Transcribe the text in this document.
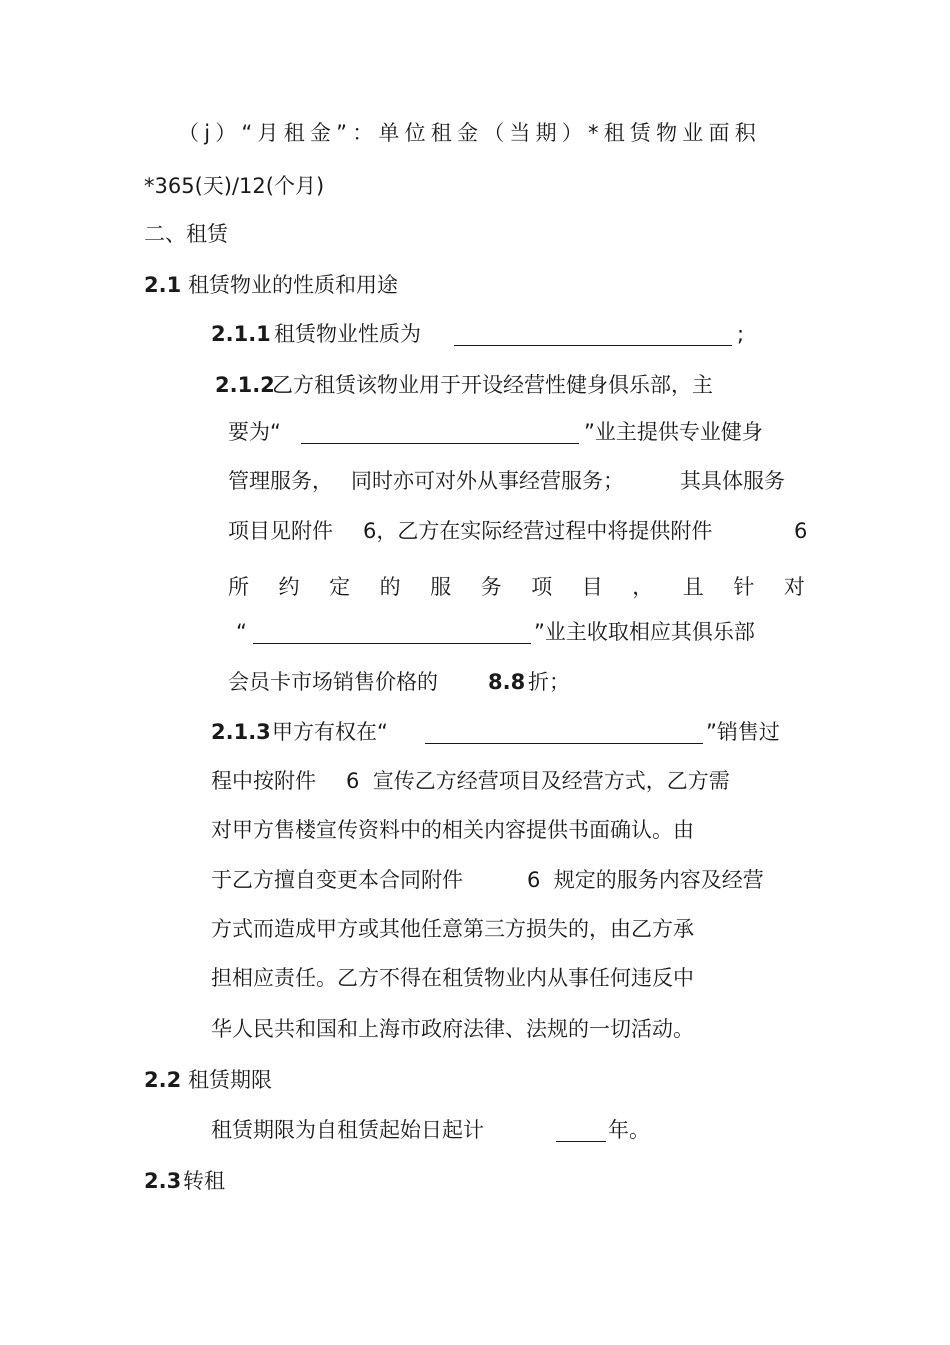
（j）“月租金”：单位租金（当期）*租赁物业面积
*365(天)/12(个月)
二、租赁
2.1 租赁物业的性质和用途
2.1.1 租赁物业性质为	;
2.1.2
乙方租赁该物业用于开设经营性健身俱乐部，主
要为“	”业主提供专业健身
管理服务， 同时亦可对外从事经营服务；	其具体服务
项目见附件 6，乙方在实际经营过程中将提供附件	6
所 约 定 的 服 务 项 目 ， 且 针 对
“	”业主收取相应其俱乐部
会员卡市场销售价格的 8.8 折；
2.1.3 甲方有权在“	”销售过
程中按附件 6  宣传乙方经营项目及经营方式，乙方需
对甲方售楼宣传资料中的相关内容提供书面确认。由
于乙方擅自变更本合同附件	6  规定的服务内容及经营
方式而造成甲方或其他任意第三方损失的，由乙方承
担相应责任。乙方不得在租赁物业内从事任何违反中
华人民共和国和上海市政府法律、法规的一切活动。
2.2 租赁期限
租赁期限为自租赁起始日起计	年。
2.3 转租
